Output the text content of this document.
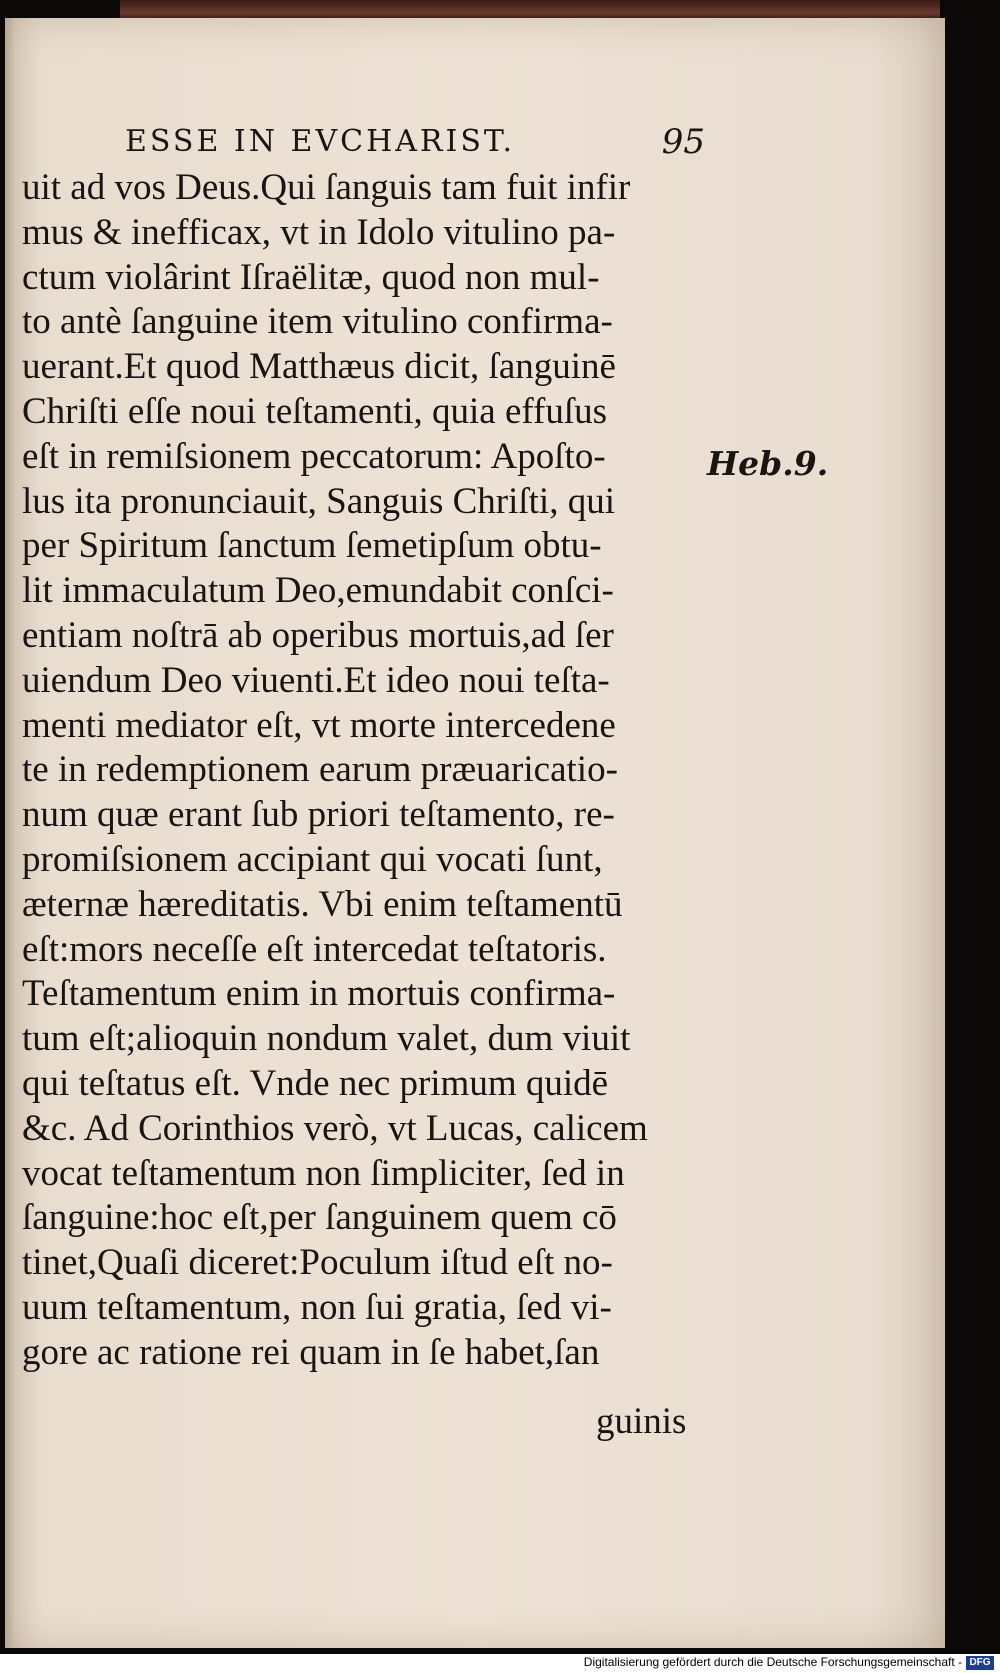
ESSE IN EVCHARIST.	95
uit ad vos Deus.Qui ſanguis tam fuit infir
mus & inefficax, vt in Idolo vitulino pa-
ctum violârint Iſraëlitæ, quod non mul-
to antè ſanguine item vitulino confirma-
uerant.Et quod Matthæus dicit, ſanguinē
Chriſti eſſe noui teſtamenti, quia effuſus
eſt in remiſsionem peccatorum: Apoſto-
lus ita pronunciauit, Sanguis Chriſti, qui
per Spiritum ſanctum ſemetipſum obtu-
lit immaculatum Deo,emundabit conſci-
entiam noſtrā ab operibus mortuis,ad ſer
uiendum Deo viuenti.Et ideo noui teſta-
menti mediator eſt, vt morte intercedene
te in redemptionem earum præuaricatio-
num quæ erant ſub priori teſtamento, re-
promiſsionem accipiant qui vocati ſunt,
æternæ hæreditatis. Vbi enim teſtamentū
eſt:mors neceſſe eſt intercedat teſtatoris.
Teſtamentum enim in mortuis confirma-
tum eſt;alioquin nondum valet, dum viuit
qui teſtatus eſt. Vnde nec primum quidē
&c. Ad Corinthios verò, vt Lucas, calicem
vocat teſtamentum non ſimpliciter, ſed in
ſanguine:hoc eſt,per ſanguinem quem cō
tinet,Quaſi diceret:Poculum iſtud eſt no-
uum teſtamentum, non ſui gratia, ſed vi-
gore ac ratione rei quam in ſe habet,ſan
Heb.9.
guinis
Digitalisierung gefördert durch die Deutsche Forschungsgemeinschaft - DFG
